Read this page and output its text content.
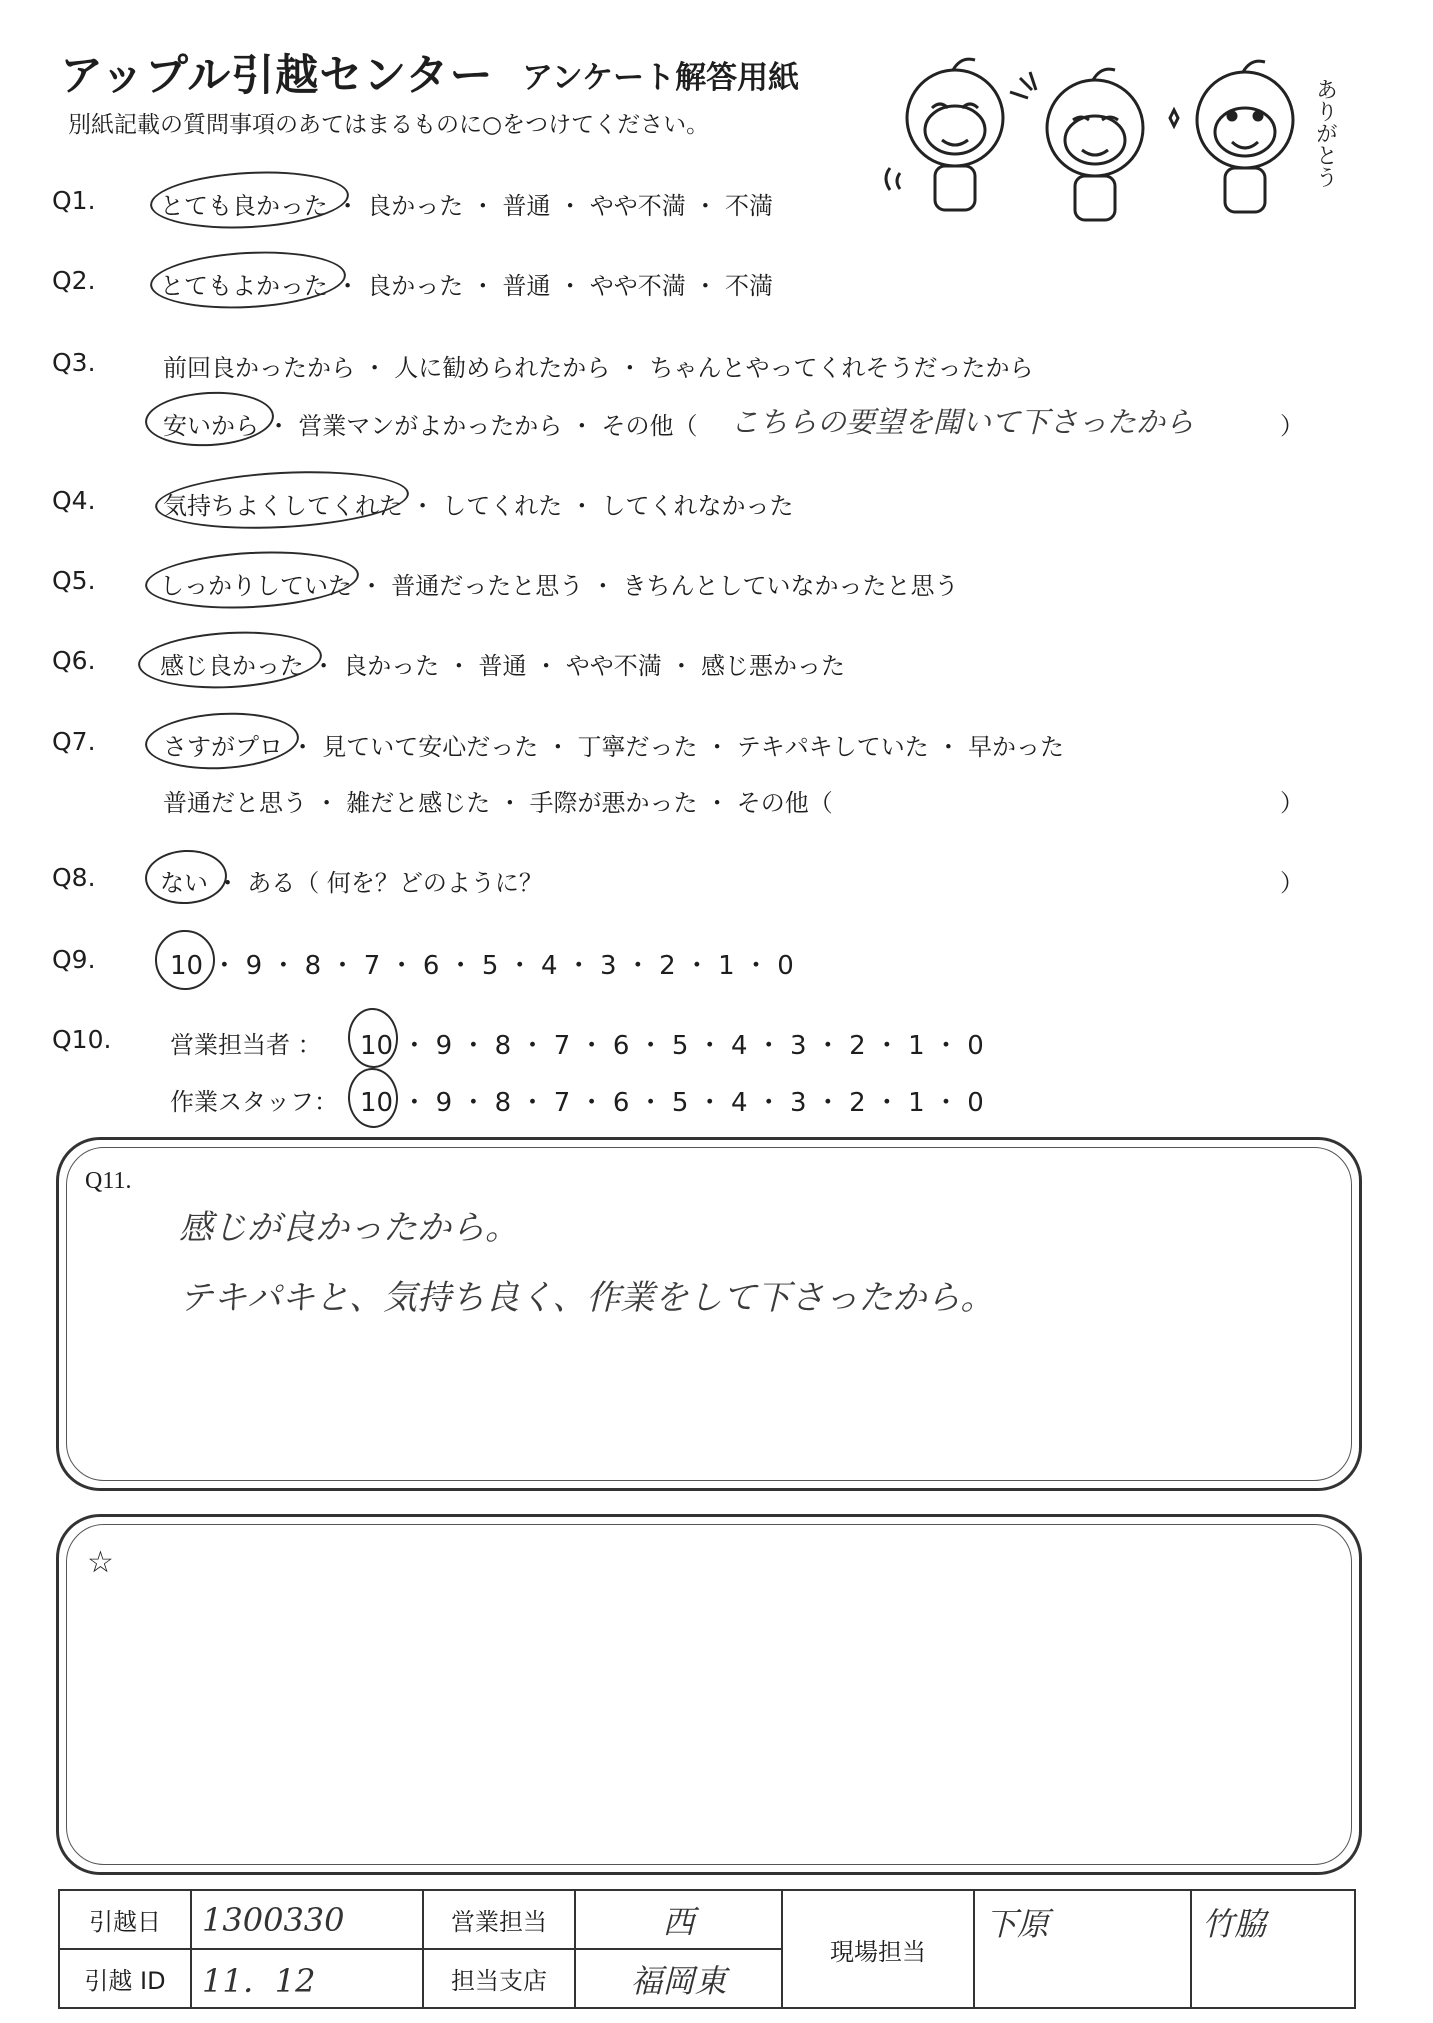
アップル引越センター アンケート解答用紙
別紙記載の質問事項のあてはまるものに○をつけてください。	ありがとう
Q1.	とても良かった ・ 良かった ・ 普通 ・ やや不満 ・ 不満
Q2.	とてもよかった ・ 良かった ・ 普通 ・ やや不満 ・ 不満
Q3.	前回良かったから ・ 人に勧められたから ・ ちゃんとやってくれそうだったから
安いから ・ 営業マンがよかったから ・ その他（ こちらの要望を聞いて下さったから	）
Q4.	気持ちよくしてくれた ・ してくれた ・ してくれなかった
Q5.	しっかりしていた ・ 普通だったと思う ・ きちんとしていなかったと思う
Q6.	感じ良かった ・ 良かった ・ 普通 ・ やや不満 ・ 感じ悪かった
Q7.	さすがプロ ・ 見ていて安心だった ・ 丁寧だった ・ テキパキしていた ・ 早かった
普通だと思う ・ 雑だと感じた ・ 手際が悪かった ・ その他（	）
Q8.	ない ・ ある（ 何を？どのように？	）
Q9.	10 ・ 9 ・ 8 ・ 7 ・ 6 ・ 5 ・ 4 ・ 3 ・ 2 ・ 1 ・ 0
Q10. 営業担当者 ： 10 ・ 9 ・ 8 ・ 7 ・ 6 ・ 5 ・ 4 ・ 3 ・ 2 ・ 1 ・ 0
作業スタッフ： 10 ・ 9 ・ 8 ・ 7 ・ 6 ・ 5 ・ 4 ・ 3 ・ 2 ・ 1 ・ 0
Q11.
感じが良かったから。
テキパキと、気持ち良く、作業をして下さったから。
☆
引越日	1300330	営業担当	西	現場担当	下原	竹脇
引越 ID	11．12	担当支店	福岡東			
